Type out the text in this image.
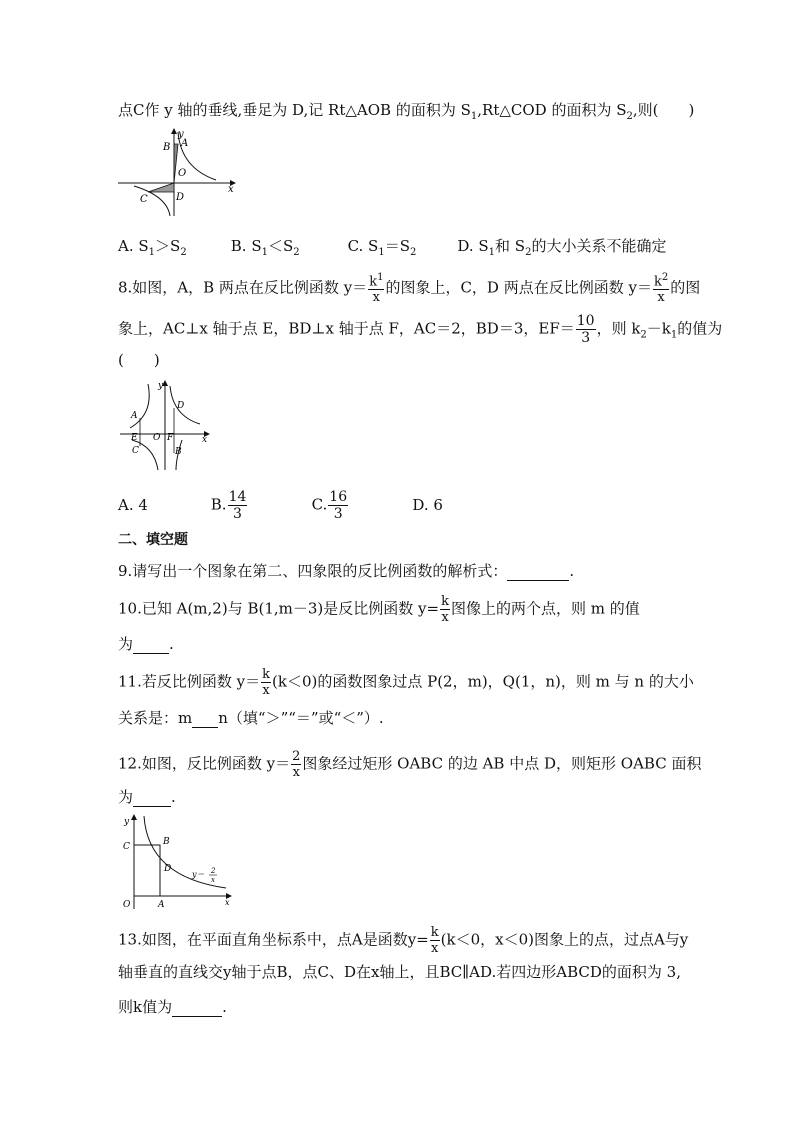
点C作 y 轴的垂线,垂足为 D,记 Rt△AOB 的面积为 $S_1,Rt\triangle COD$ 的面积为 $S_2$,则(　　)
B A
O
x
y
C	D
A. $S_1>S_2$	B. $S_1<S_2$	C. $S_1=S_2$	D. $S_1$和 $S_2$的大小关系不能确定
8.如图，A，B 两点在反比例函数 $y= \frac{k^1}{x}$ 的图象上，C，D 两点在反比例函数 $y= \frac{k^2}{x}$ 的图
象上，AC⊥x 轴于点 E，BD⊥x 轴于点 F，AC＝2，BD＝3，$EF= \frac{10}{3}$ ，则 $k_2-k_1$的值为
(　　)
y
A
D
E O F	x
C	B
A. 4	B. $\frac{14}{3}$	C. $\frac{16}{3}$	D. 6
二、填空题
9.请写出一个图象在第二、四象限的反比例函数的解析式：	.
10.已知 A(m,2)与 B(1,m－3)是反比例函数 $y= \frac{k}{x}$ 图像上的两个点，则 m 的值
为 .
11.若反比例函数 $y= \frac{k}{x} (k<0)$的函数图象过点 P(2，m)，Q(1，n)，则 m 与 n 的大小
关系是：m n（填“＞”“＝”或“＜”）.
12.如图，反比例函数 $y= \frac{2}{x}$ 图象经过矩形 OABC 的边 AB 中点 D，则矩形 OABC 面积
为	.
y
C	B
D
O	A	x
y＝ 2
x
13.如图，在平面直角坐标系中，点A是函数$y= \frac{k}{x} (k<0$，x＜0)图象上的点，过点A与y
轴垂直的直线交y轴于点B，点C、D在x轴上，且BC∥AD.若四边形ABCD的面积为 3,
则k值为	.
